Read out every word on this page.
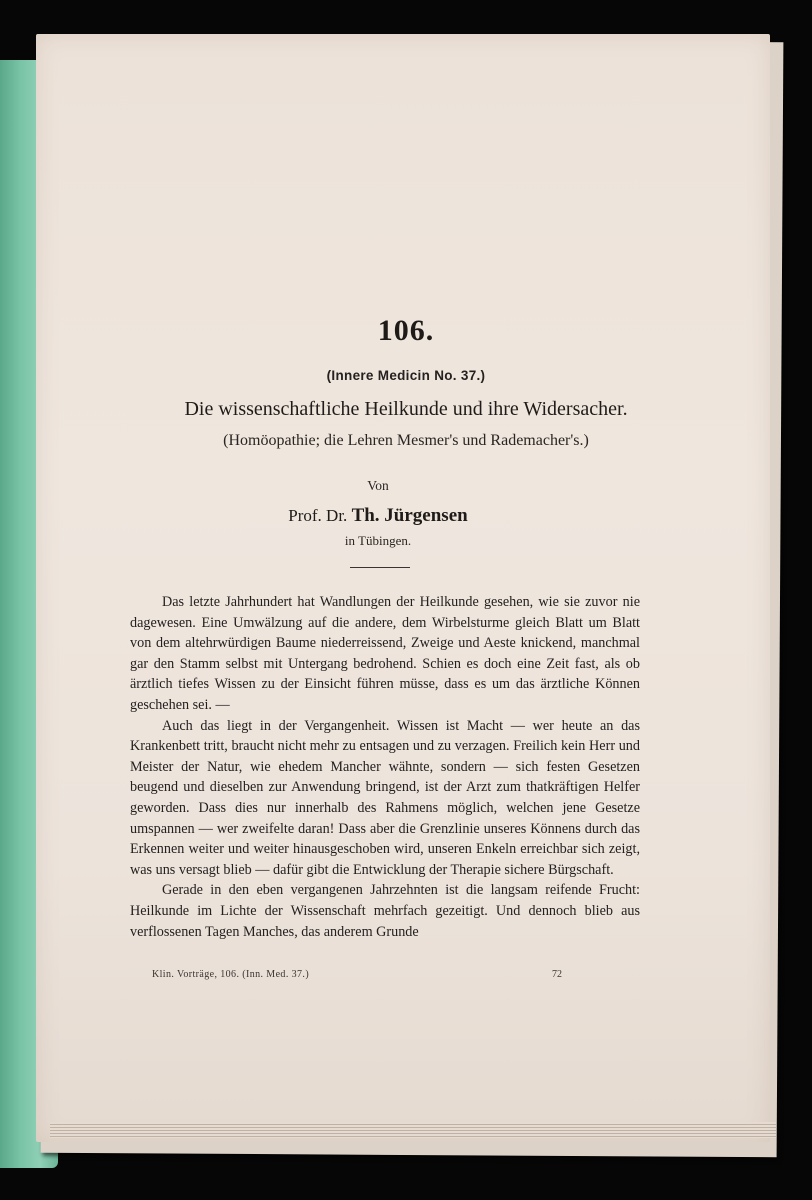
106.
(Innere Medicin No. 37.)
Die wissenschaftliche Heilkunde und ihre Widersacher.
(Homöopathie; die Lehren Mesmer's und Rademacher's.)
Von
Prof. Dr. Th. Jürgensen
in Tübingen.

Das letzte Jahrhundert hat Wandlungen der Heilkunde gesehen, wie sie zuvor nie dagewesen. Eine Umwälzung auf die andere, dem Wirbelsturme gleich Blatt um Blatt von dem altehrwürdigen Baume niederreissend, Zweige und Aeste knickend, manchmal gar den Stamm selbst mit Untergang bedrohend. Schien es doch eine Zeit fast, als ob ärztlich tiefes Wissen zu der Einsicht führen müsse, dass es um das ärztliche Können geschehen sei. —

Auch das liegt in der Vergangenheit. Wissen ist Macht — wer heute an das Krankenbett tritt, braucht nicht mehr zu entsagen und zu verzagen. Freilich kein Herr und Meister der Natur, wie ehedem Mancher wähnte, sondern — sich festen Gesetzen beugend und dieselben zur Anwendung bringend, ist der Arzt zum thatkräftigen Helfer geworden. Dass dies nur innerhalb des Rahmens möglich, welchen jene Gesetze umspannen — wer zweifelte daran! Dass aber die Grenzlinie unseres Könnens durch das Erkennen weiter und weiter hinausgeschoben wird, unseren Enkeln erreichbar sich zeigt, was uns versagt blieb — dafür gibt die Entwicklung der Therapie sichere Bürgschaft.

Gerade in den eben vergangenen Jahrzehnten ist die langsam reifende Frucht: Heilkunde im Lichte der Wissenschaft mehrfach gezeitigt. Und dennoch blieb aus verflossenen Tagen Manches, das anderem Grunde

Klin. Vorträge, 106. (Inn. Med. 37.)	72
